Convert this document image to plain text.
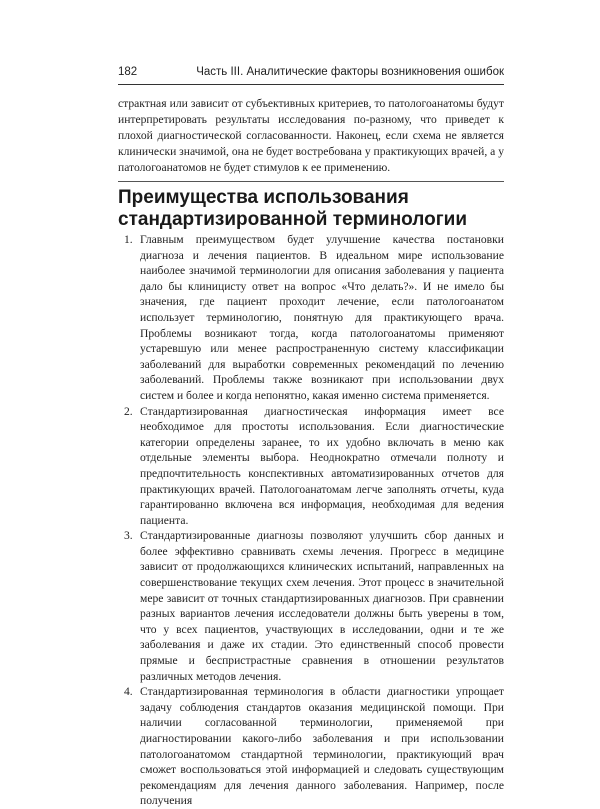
182	Часть III. Аналитические факторы возникновения ошибок

страктная или зависит от субъективных критериев, то патологоанатомы будут интерпретировать результаты исследования по-разному, что приведет к плохой диагностической согласованности. Наконец, если схема не является клинически значимой, она не будет востребована у практикующих врачей, а у патологоанатомов не будет стимулов к ее применению.

Преимущества использования стандартизированной терминологии
1. Главным преимуществом будет улучшение качества постановки диагноза и лечения пациентов. В идеальном мире использование наиболее значимой терминологии для описания заболевания у пациента дало бы клиницисту ответ на вопрос «Что делать?». И не имело бы значения, где пациент проходит лечение, если патологоанатом использует терминологию, понятную для практикующего врача. Проблемы возникают тогда, когда патологоанатомы применяют устаревшую или менее распространенную систему классификации заболеваний для выработки современных рекомендаций по лечению заболеваний. Проблемы также возникают при использовании двух систем и более и когда непонятно, какая именно система применяется.
2. Стандартизированная диагностическая информация имеет все необходимое для простоты использования. Если диагностические категории определены заранее, то их удобно включать в меню как отдельные элементы выбора. Неоднократно отмечали полноту и предпочтительность конспективных автоматизированных отчетов для практикующих врачей. Патологоанатомам легче заполнять отчеты, куда гарантированно включена вся информация, необходимая для ведения пациента.
3. Стандартизированные диагнозы позволяют улучшить сбор данных и более эффективно сравнивать схемы лечения. Прогресс в медицине зависит от продолжающихся клинических испытаний, направленных на совершенствование текущих схем лечения. Этот процесс в значительной мере зависит от точных стандартизированных диагнозов. При сравнении разных вариантов лечения исследователи должны быть уверены в том, что у всех пациентов, участвующих в исследовании, одни и те же заболевания и даже их стадии. Это единственный способ провести прямые и беспристрастные сравнения в отношении результатов различных методов лечения.
4. Стандартизированная терминология в области диагностики упрощает задачу соблюдения стандартов оказания медицинской помощи. При наличии согласованной терминологии, применяемой при диагностировании какого-либо заболевания и при использовании патологоанатомом стандартной терминологии, практикующий врач сможет воспользоваться этой информацией и следовать существующим рекомендациям для лечения данного заболевания. Например, после получения
